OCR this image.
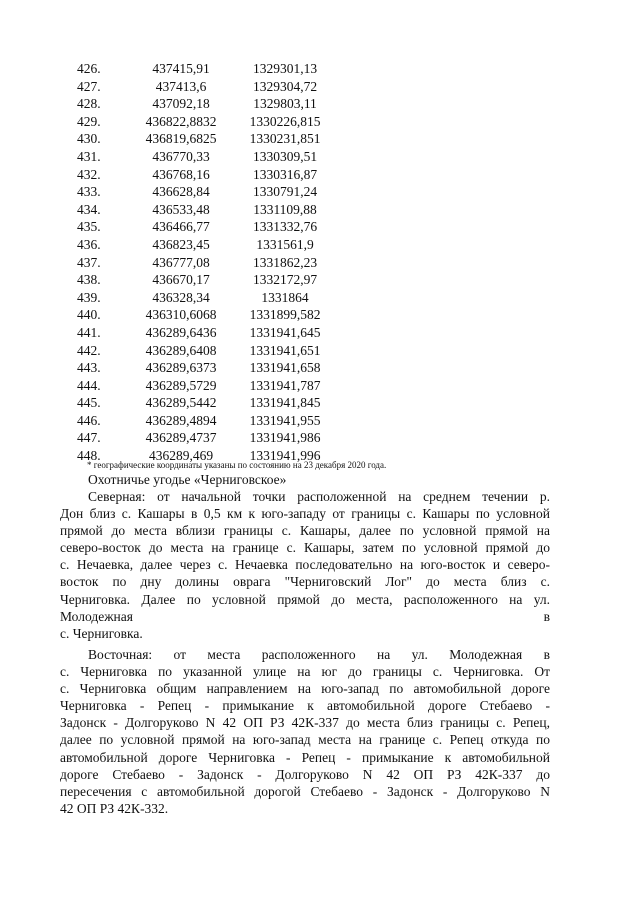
426.	437415,91	1329301,13
427.	437413,6	1329304,72
428.	437092,18	1329803,11
429.	436822,8832	1330226,815
430.	436819,6825	1330231,851
431.	436770,33	1330309,51
432.	436768,16	1330316,87
433.	436628,84	1330791,24
434.	436533,48	1331109,88
435.	436466,77	1331332,76
436.	436823,45	1331561,9
437.	436777,08	1331862,23
438.	436670,17	1332172,97
439.	436328,34	1331864
440.	436310,6068	1331899,582
441.	436289,6436	1331941,645
442.	436289,6408	1331941,651
443.	436289,6373	1331941,658
444.	436289,5729	1331941,787
445.	436289,5442	1331941,845
446.	436289,4894	1331941,955
447.	436289,4737	1331941,986
448.	436289,469	1331941,996
* географические координаты указаны по состоянию на 23 декабря 2020 года.
Охотничье угодье «Черниговское»
Северная: от начальной точки расположенной на среднем течении р.
Дон близ с. Кашары в 0,5 км к юго-западу от границы с. Кашары по условной
прямой до места вблизи границы с. Кашары, далее по условной прямой на
северо-восток до места на границе с. Кашары, затем по условной прямой до
с. Нечаевка, далее через с. Нечаевка последовательно на юго-восток и северо-
восток по дну долины оврага "Черниговский Лог" до места близ с.
Черниговка. Далее по условной прямой до места, расположенного на ул.
Молодежная	в
с. Черниговка.
Восточная: от места расположенного на ул. Молодежная в
с. Черниговка по указанной улице на юг до границы с. Черниговка. От
с. Черниговка общим направлением на юго-запад по автомобильной дороге
Черниговка - Репец - примыкание к автомобильной дороге Стебаево -
Задонск - Долгоруково N 42 ОП РЗ 42К-337 до места близ границы с. Репец,
далее по условной прямой на юго-запад места на границе с. Репец откуда по
автомобильной дороге Черниговка - Репец - примыкание к автомобильной
дороге Стебаево - Задонск - Долгоруково N 42 ОП РЗ 42К-337 до
пересечения с автомобильной дорогой Стебаево - Задонск - Долгоруково N
42 ОП РЗ 42К-332.
